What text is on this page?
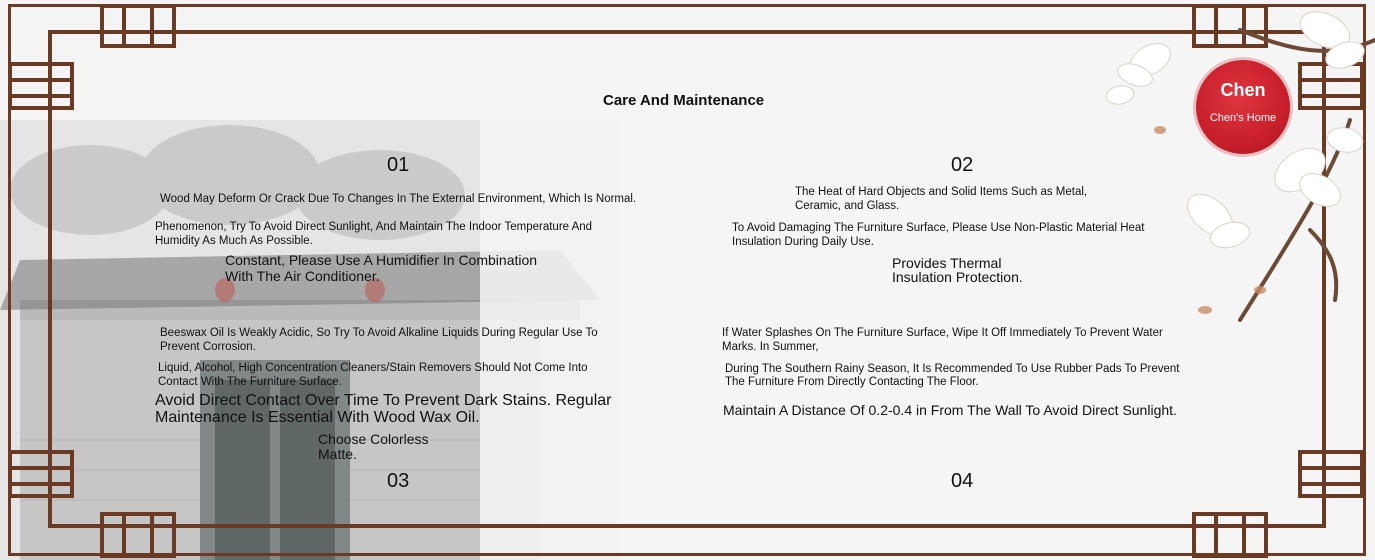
Chen
Chen's Home
Care And Maintenance
01
Wood May Deform Or Crack Due To Changes In The External Environment, Which Is Normal.
Phenomenon, Try To Avoid Direct Sunlight, And Maintain The Indoor Temperature And
Humidity As Much As Possible.
Constant, Please Use A Humidifier In Combination
With The Air Conditioner.
02
The Heat of Hard Objects and Solid Items Such as Metal,
Ceramic, and Glass.
To Avoid Damaging The Furniture Surface, Please Use Non-Plastic Material Heat
Insulation During Daily Use.
Provides Thermal
Insulation Protection.
Beeswax Oil Is Weakly Acidic, So Try To Avoid Alkaline Liquids During Regular Use To
Prevent Corrosion.
Liquid, Alcohol, High Concentration Cleaners/Stain Removers Should Not Come Into
Contact With The Furniture Surface.
Avoid Direct Contact Over Time To Prevent Dark Stains. Regular
Maintenance Is Essential With Wood Wax Oil.
Choose Colorless
Matte.
03
If Water Splashes On The Furniture Surface, Wipe It Off Immediately To Prevent Water
Marks. In Summer,
During The Southern Rainy Season, It Is Recommended To Use Rubber Pads To Prevent
The Furniture From Directly Contacting The Floor.
Maintain A Distance Of 0.2-0.4 in From The Wall To Avoid Direct Sunlight.
04
